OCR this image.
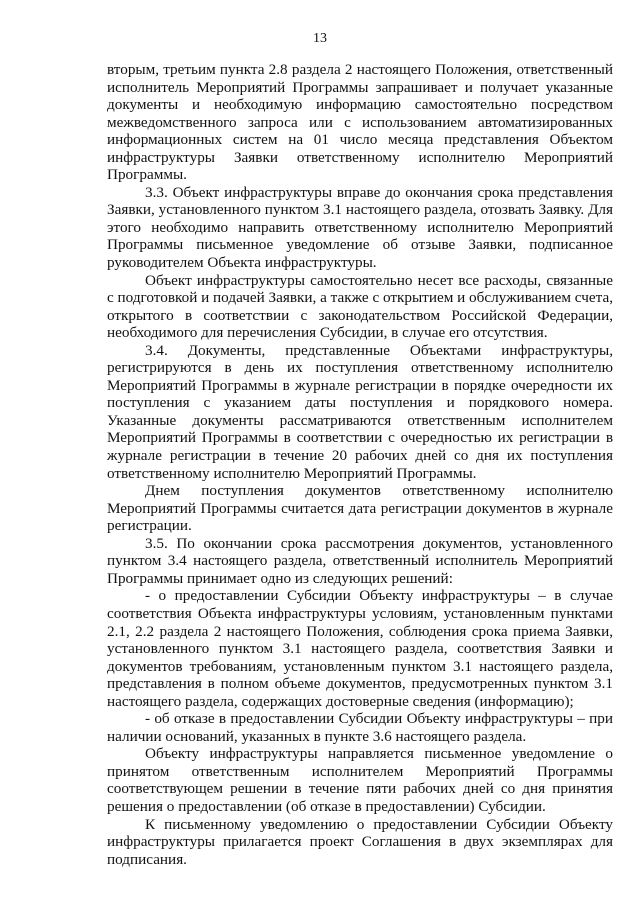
13

вторым, третьим пункта 2.8 раздела 2 настоящего Положения, ответственный исполнитель Мероприятий Программы запрашивает и получает указанные документы и необходимую информацию самостоятельно посредством межведомственного запроса или с использованием автоматизированных информационных систем на 01 число месяца представления Объектом инфраструктуры Заявки ответственному исполнителю Мероприятий Программы.

3.3. Объект инфраструктуры вправе до окончания срока представления Заявки, установленного пунктом 3.1 настоящего раздела, отозвать Заявку. Для этого необходимо направить ответственному исполнителю Мероприятий Программы письменное уведомление об отзыве Заявки, подписанное руководителем Объекта инфраструктуры.

Объект инфраструктуры самостоятельно несет все расходы, связанные с подготовкой и подачей Заявки, а также с открытием и обслуживанием счета, открытого в соответствии с законодательством Российской Федерации, необходимого для перечисления Субсидии, в случае его отсутствия.

3.4. Документы, представленные Объектами инфраструктуры, регистрируются в день их поступления ответственному исполнителю Мероприятий Программы в журнале регистрации в порядке очередности их поступления с указанием даты поступления и порядкового номера. Указанные документы рассматриваются ответственным исполнителем Мероприятий Программы в соответствии с очередностью их регистрации в журнале регистрации в течение 20 рабочих дней со дня их поступления ответственному исполнителю Мероприятий Программы.

Днем поступления документов ответственному исполнителю Мероприятий Программы считается дата регистрации документов в журнале регистрации.

3.5. По окончании срока рассмотрения документов, установленного пунктом 3.4 настоящего раздела, ответственный исполнитель Мероприятий Программы принимает одно из следующих решений:

- о предоставлении Субсидии Объекту инфраструктуры – в случае соответствия Объекта инфраструктуры условиям, установленным пунктами 2.1, 2.2 раздела 2 настоящего Положения, соблюдения срока приема Заявки, установленного пунктом 3.1 настоящего раздела, соответствия Заявки и документов требованиям, установленным пунктом 3.1 настоящего раздела, представления в полном объеме документов, предусмотренных пунктом 3.1 настоящего раздела, содержащих достоверные сведения (информацию);

- об отказе в предоставлении Субсидии Объекту инфраструктуры – при наличии оснований, указанных в пункте 3.6 настоящего раздела.

Объекту инфраструктуры направляется письменное уведомление о принятом ответственным исполнителем Мероприятий Программы соответствующем решении в течение пяти рабочих дней со дня принятия решения о предоставлении (об отказе в предоставлении) Субсидии.

К письменному уведомлению о предоставлении Субсидии Объекту инфраструктуры прилагается проект Соглашения в двух экземплярах для подписания.
